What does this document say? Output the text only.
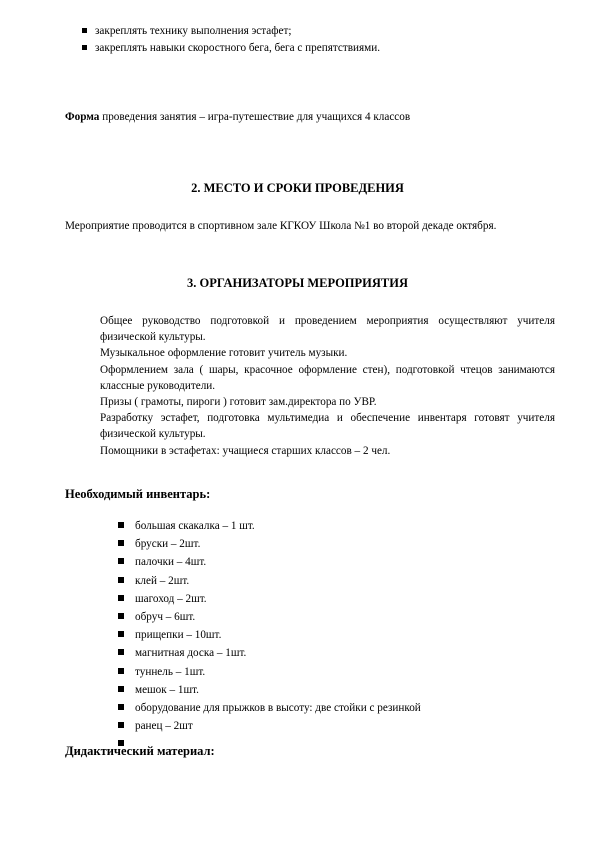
закреплять технику выполнения эстафет;
закреплять навыки скоростного бега, бега с препятствиями.
Форма проведения занятия – игра-путешествие для учащихся 4 классов
2. МЕСТО И СРОКИ ПРОВЕДЕНИЯ
Мероприятие проводится в спортивном зале КГКОУ Школа №1 во второй декаде октября.
3. ОРГАНИЗАТОРЫ МЕРОПРИЯТИЯ

Общее руководство подготовкой и проведением мероприятия осуществляют учителя физической культуры.

Музыкальное оформление готовит учитель музыки.

Оформлением зала ( шары, красочное оформление стен), подготовкой чтецов занимаются классные руководители.

Призы ( грамоты, пироги ) готовит зам.директора по УВР.

Разработку эстафет, подготовка мультимедиа и обеспечение инвентаря готовят учителя физической культуры.

Помощники в эстафетах: учащиеся старших классов – 2 чел.

Необходимый инвентарь:
большая скакалка – 1 шт.
бруски – 2шт.
палочки – 4шт.
клей – 2шт.
шагоход – 2шт.
обруч – 6шт.
прищепки – 10шт.
магнитная доска – 1шт.
туннель – 1шт.
мешок – 1шт.
оборудование для прыжков в высоту: две стойки с резинкой
ранец – 2шт
Дидактический материал:
